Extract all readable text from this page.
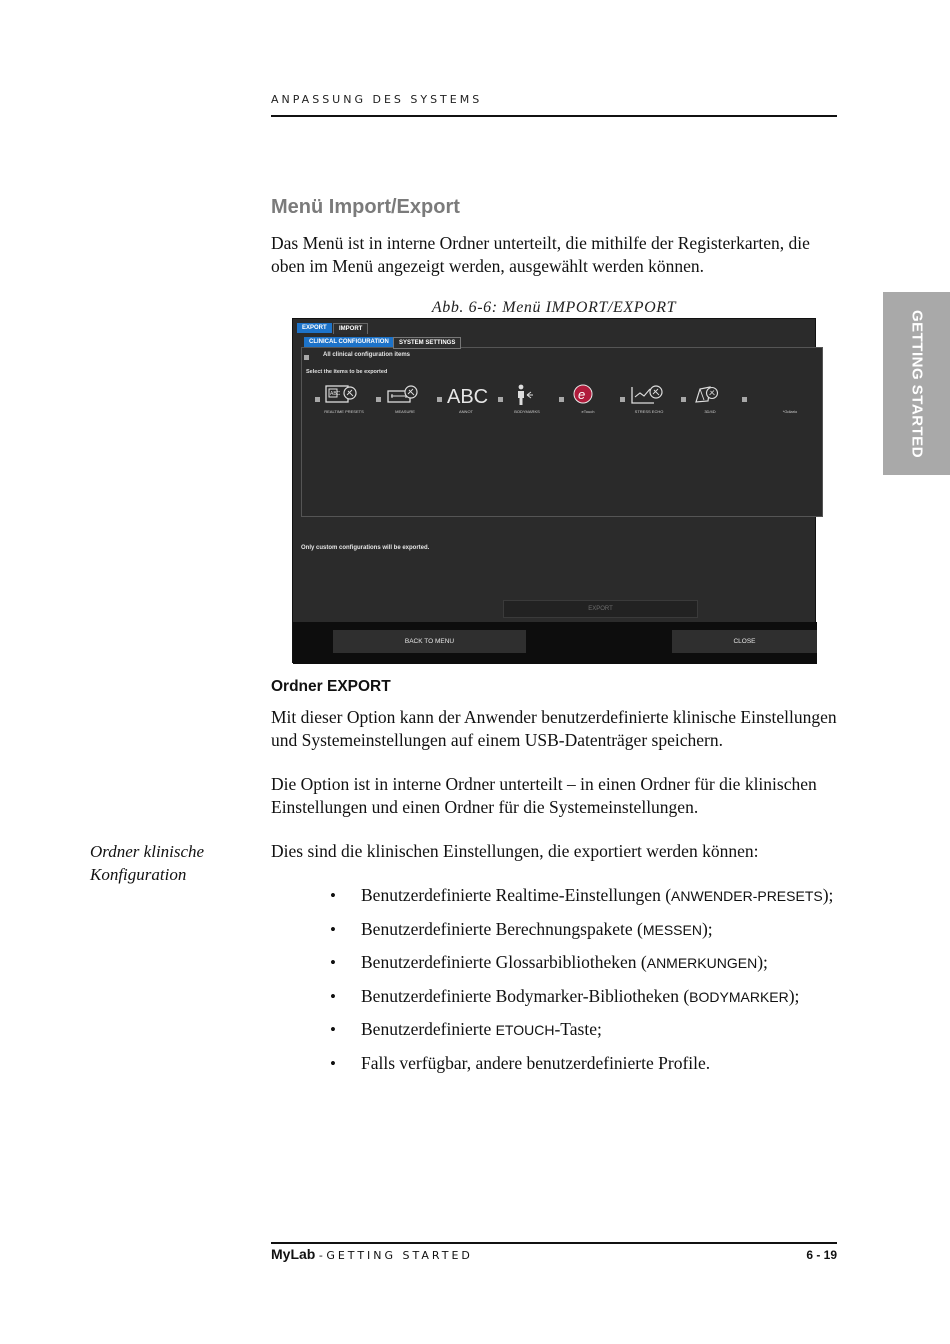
ANPASSUNG DES SYSTEMS
GETTING STARTED
Menü Import/Export

Das Menü ist in interne Ordner unterteilt, die mithilfe der Registerkarten, die oben im Menü angezeigt werden, ausgewählt werden können.

Abb. 6-6: Menü IMPORT/EXPORT
EXPORT	IMPORT
CLINICAL CONFIGURATION	SYSTEM SETTINGS
All clinical configuration items
Select the items to be exported
ABC
REALTIME PRESETS	MEASURE
ABC
ANNOT	BODYMARKS
e
eTouch	STRESS ECHO	3D/4D	*Gdiario
Only custom configurations will be exported.
EXPORT
BACK TO MENU	CLOSE
Ordner EXPORT

Mit dieser Option kann der Anwender benutzerdefinierte klinische Einstellungen und Systemeinstellungen auf einem USB-Datenträger speichern.

Die Option ist in interne Ordner unterteilt – in einen Ordner für die klinischen Einstellungen und einen Ordner für die Systemeinstellungen.

Ordner klinische Konfiguration

Dies sind die klinischen Einstellungen, die exportiert werden können:

• Benutzerdefinierte Realtime-Einstellungen (ANWENDER-PRESETS);
• Benutzerdefinierte Berechnungspakete (MESSEN);
• Benutzerdefinierte Glossarbibliotheken (ANMERKUNGEN);
• Benutzerdefinierte Bodymarker-Bibliotheken (BODYMARKER);
• Benutzerdefinierte ETOUCH-Taste;
• Falls verfügbar, andere benutzerdefinierte Profile.
MyLab - GETTING STARTED	6 - 19
